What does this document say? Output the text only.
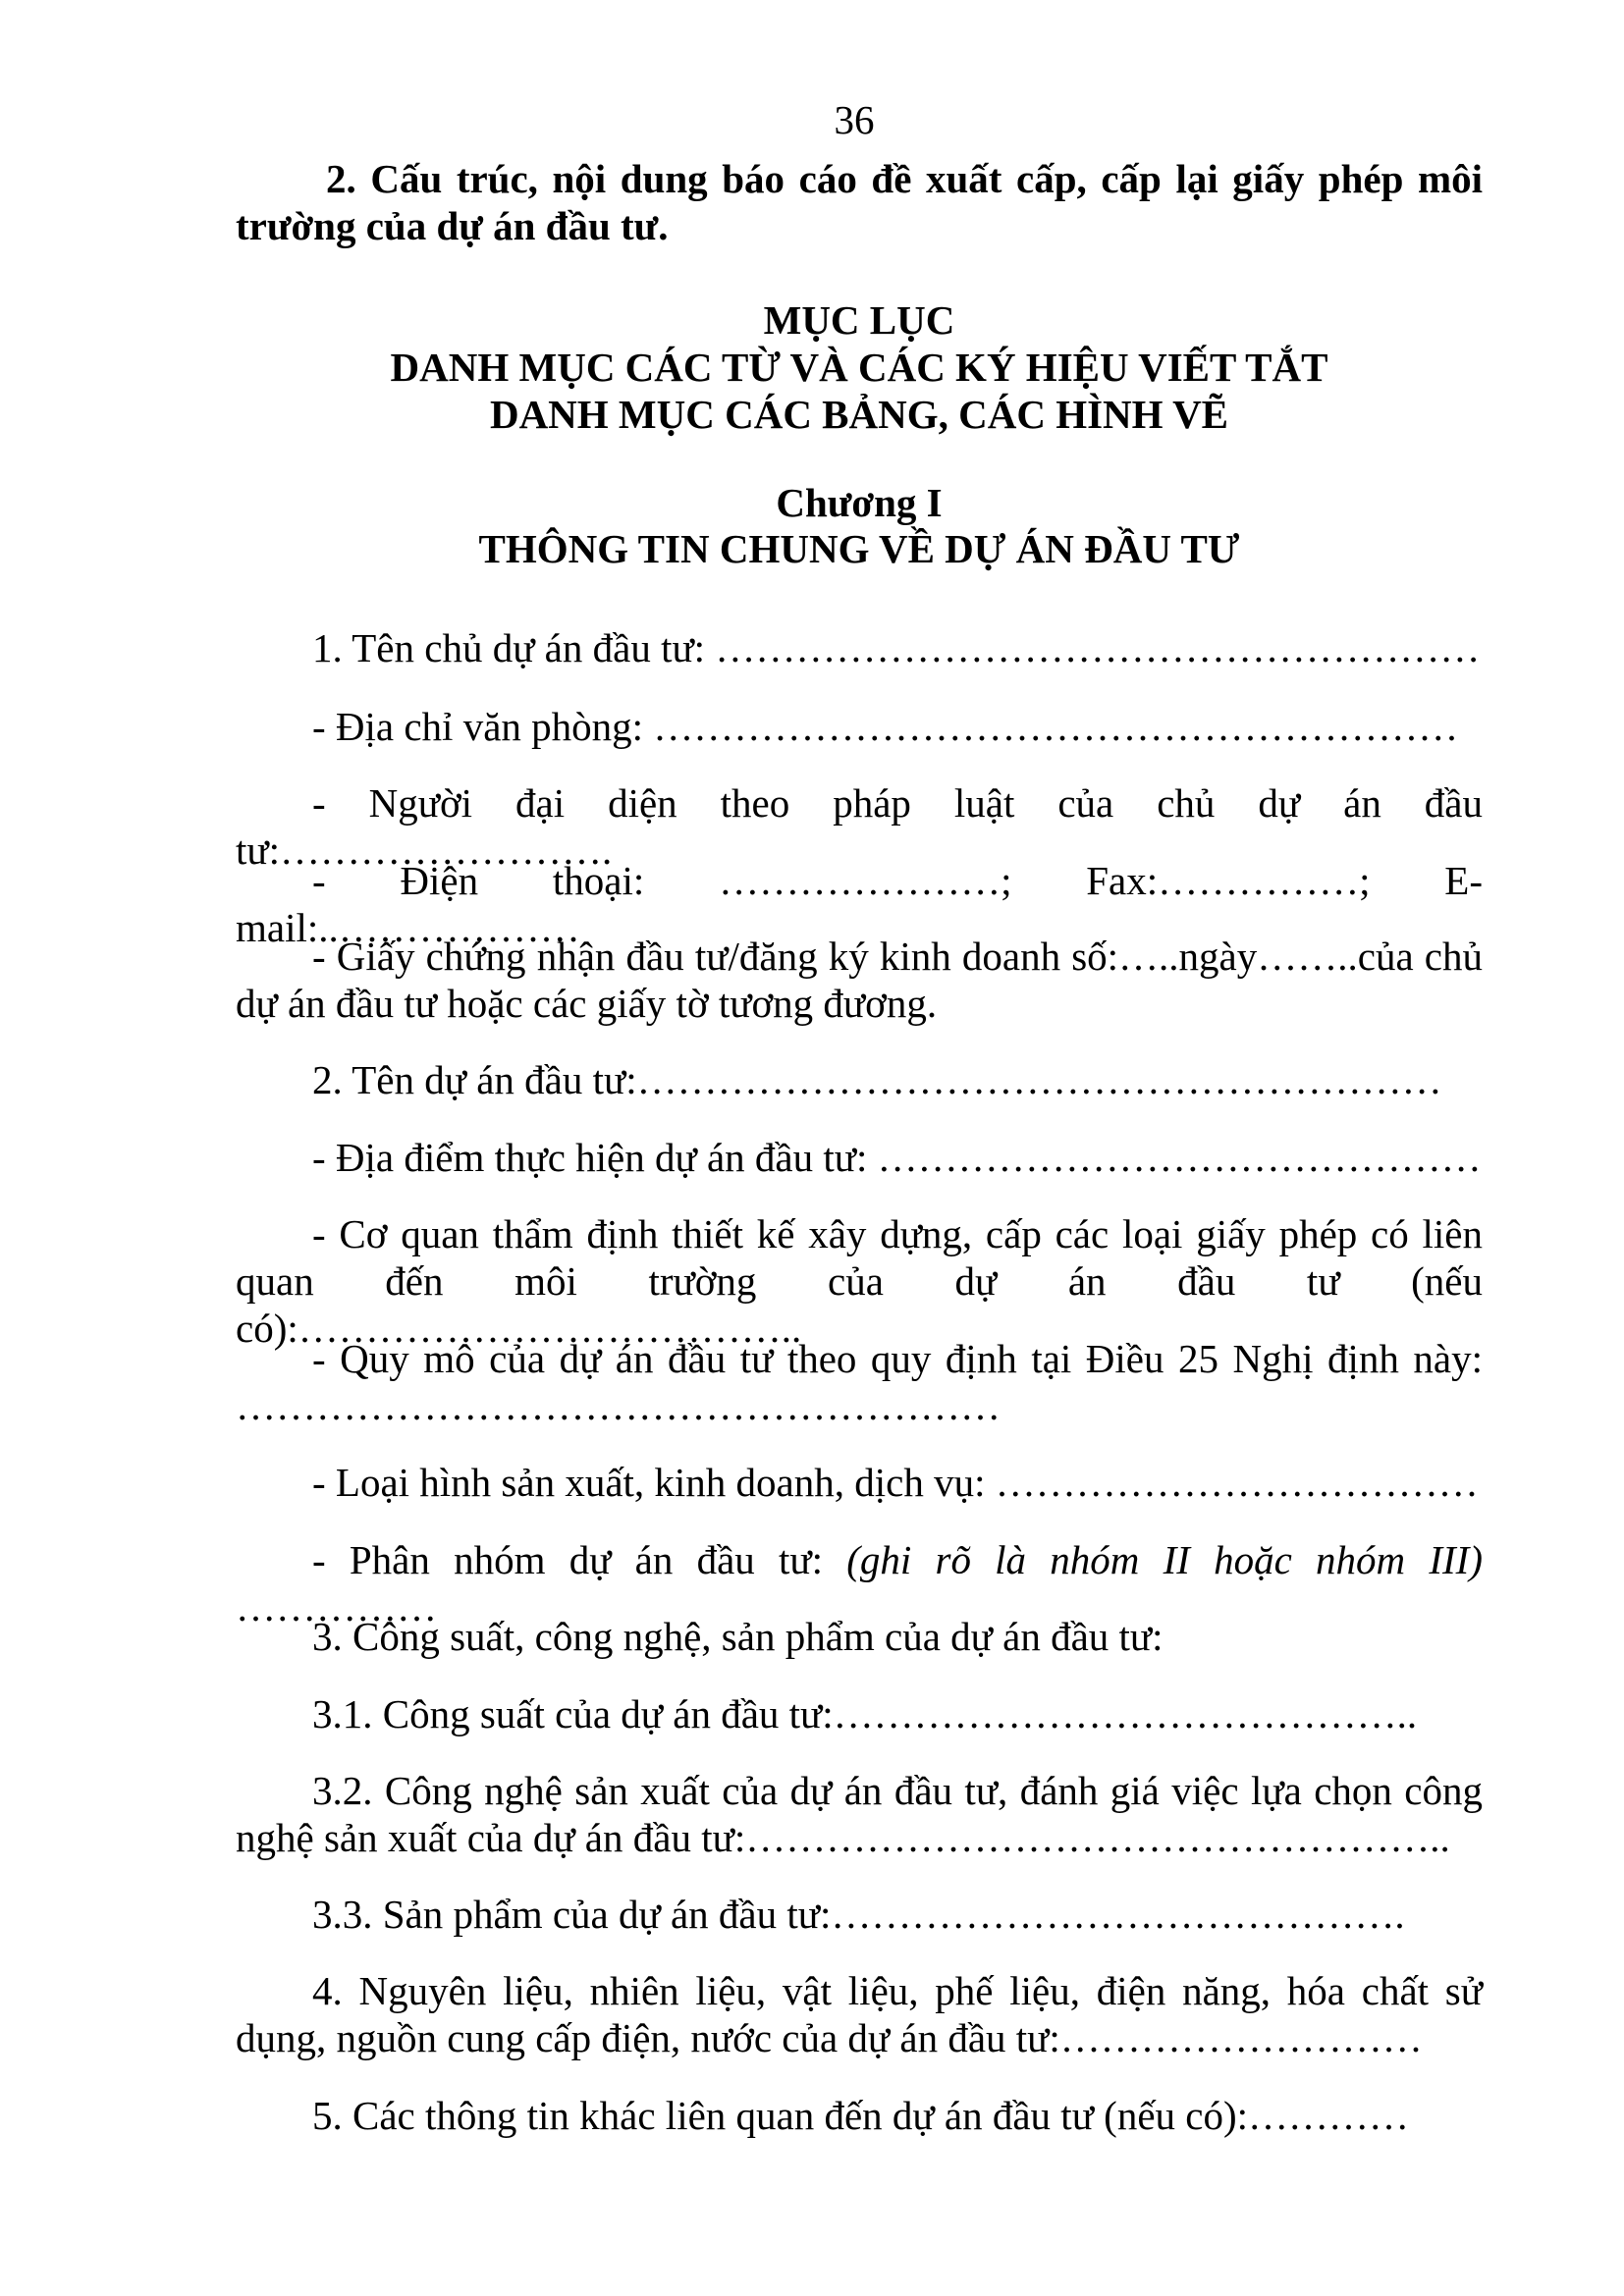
36
2. Cấu trúc, nội dung báo cáo đề xuất cấp, cấp lại giấy phép môi trường của dự án đầu tư.
MỤC LỤC
DANH MỤC CÁC TỪ VÀ CÁC KÝ HIỆU VIẾT TẮT
DANH MỤC CÁC BẢNG, CÁC HÌNH VẼ
Chương I
THÔNG TIN CHUNG VỀ DỰ ÁN ĐẦU TƯ

1. Tên chủ dự án đầu tư: …………………………………………………

- Địa chỉ văn phòng: ……………………………………………………

- Người đại diện theo pháp luật của chủ dự án đầu tư:…………………….

- Điện thoại: …………………; Fax:……………; E-mail:..………………

- Giấy chứng nhận đầu tư/đăng ký kinh doanh số:…..ngày……..của chủ dự án đầu tư hoặc các giấy tờ tương đương.

2. Tên dự án đầu tư:……………………………………………………

- Địa điểm thực hiện dự án đầu tư: ………………………………………

- Cơ quan thẩm định thiết kế xây dựng, cấp các loại giấy phép có liên quan đến môi trường của dự án đầu tư (nếu có):………………………………..

- Quy mô của dự án đầu tư theo quy định tại Điều 25 Nghị định này: …………………………………………………

- Loại hình sản xuất, kinh doanh, dịch vụ: ………………………………

- Phân nhóm dự án đầu tư: (ghi rõ là nhóm II hoặc nhóm III) ……………

3. Công suất, công nghệ, sản phẩm của dự án đầu tư:

3.1. Công suất của dự án đầu tư:……………………………………..

3.2. Công nghệ sản xuất của dự án đầu tư, đánh giá việc lựa chọn công nghệ sản xuất của dự án đầu tư:……………………………………………..

3.3. Sản phẩm của dự án đầu tư:…………………………………….

4. Nguyên liệu, nhiên liệu, vật liệu, phế liệu, điện năng, hóa chất sử dụng, nguồn cung cấp điện, nước của dự án đầu tư:………………………

5. Các thông tin khác liên quan đến dự án đầu tư (nếu có):…………
